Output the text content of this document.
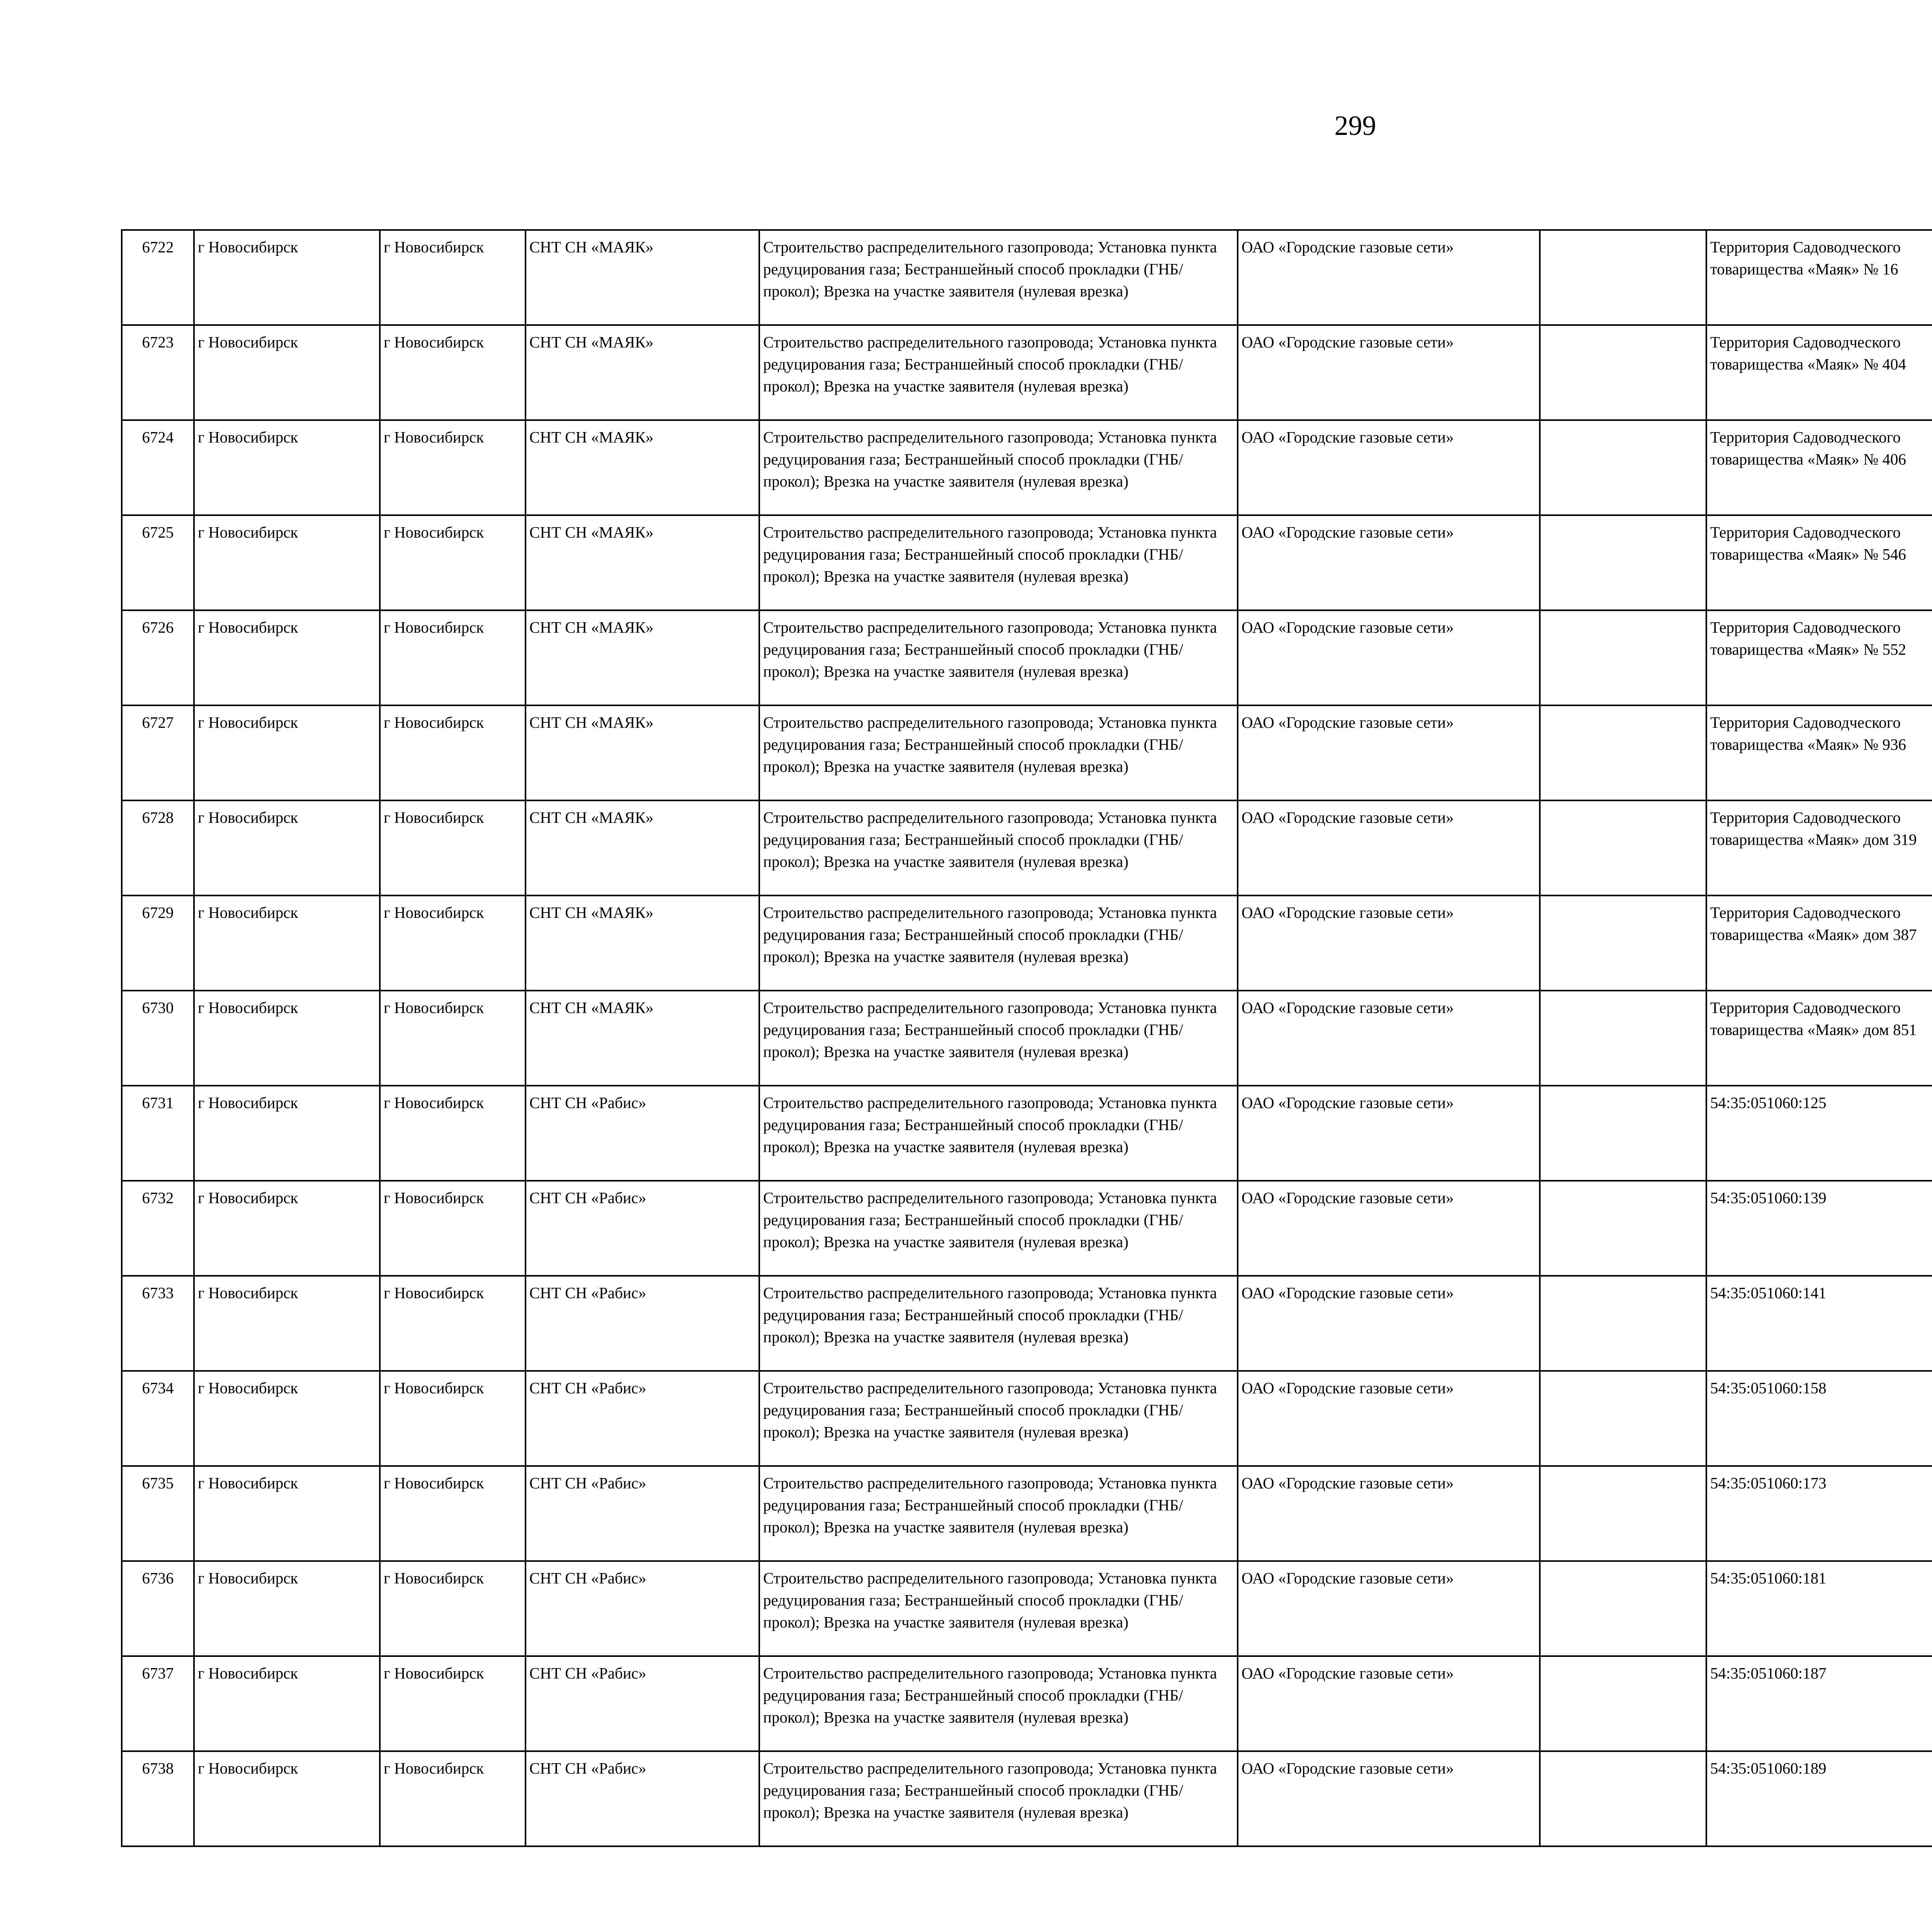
299
6722	г Новосибирск	г Новосибирск	СНТ СН «МАЯК»	Строительство распределительного газопровода; Установка пункта редуцирования газа; Бестраншейный способ прокладки (ГНБ/прокол); Врезка на участке заявителя (нулевая врезка)	ОАО «Городские газовые сети»		Территория Садоводческого товарищества «Маяк» № 16					
6723	г Новосибирск	г Новосибирск	СНТ СН «МАЯК»	Строительство распределительного газопровода; Установка пункта редуцирования газа; Бестраншейный способ прокладки (ГНБ/прокол); Врезка на участке заявителя (нулевая врезка)	ОАО «Городские газовые сети»		Территория Садоводческого товарищества «Маяк» № 404					
6724	г Новосибирск	г Новосибирск	СНТ СН «МАЯК»	Строительство распределительного газопровода; Установка пункта редуцирования газа; Бестраншейный способ прокладки (ГНБ/прокол); Врезка на участке заявителя (нулевая врезка)	ОАО «Городские газовые сети»		Территория Садоводческого товарищества «Маяк» № 406					
6725	г Новосибирск	г Новосибирск	СНТ СН «МАЯК»	Строительство распределительного газопровода; Установка пункта редуцирования газа; Бестраншейный способ прокладки (ГНБ/прокол); Врезка на участке заявителя (нулевая врезка)	ОАО «Городские газовые сети»		Территория Садоводческого товарищества «Маяк» № 546					
6726	г Новосибирск	г Новосибирск	СНТ СН «МАЯК»	Строительство распределительного газопровода; Установка пункта редуцирования газа; Бестраншейный способ прокладки (ГНБ/прокол); Врезка на участке заявителя (нулевая врезка)	ОАО «Городские газовые сети»		Территория Садоводческого товарищества «Маяк» № 552					
6727	г Новосибирск	г Новосибирск	СНТ СН «МАЯК»	Строительство распределительного газопровода; Установка пункта редуцирования газа; Бестраншейный способ прокладки (ГНБ/прокол); Врезка на участке заявителя (нулевая врезка)	ОАО «Городские газовые сети»		Территория Садоводческого товарищества «Маяк» № 936					
6728	г Новосибирск	г Новосибирск	СНТ СН «МАЯК»	Строительство распределительного газопровода; Установка пункта редуцирования газа; Бестраншейный способ прокладки (ГНБ/прокол); Врезка на участке заявителя (нулевая врезка)	ОАО «Городские газовые сети»		Территория Садоводческого товарищества «Маяк» дом 319					
6729	г Новосибирск	г Новосибирск	СНТ СН «МАЯК»	Строительство распределительного газопровода; Установка пункта редуцирования газа; Бестраншейный способ прокладки (ГНБ/прокол); Врезка на участке заявителя (нулевая врезка)	ОАО «Городские газовые сети»		Территория Садоводческого товарищества «Маяк» дом 387					
6730	г Новосибирск	г Новосибирск	СНТ СН «МАЯК»	Строительство распределительного газопровода; Установка пункта редуцирования газа; Бестраншейный способ прокладки (ГНБ/прокол); Врезка на участке заявителя (нулевая врезка)	ОАО «Городские газовые сети»		Территория Садоводческого товарищества «Маяк» дом 851					
6731	г Новосибирск	г Новосибирск	СНТ СН «Рабис»	Строительство распределительного газопровода; Установка пункта редуцирования газа; Бестраншейный способ прокладки (ГНБ/прокол); Врезка на участке заявителя (нулевая врезка)	ОАО «Городские газовые сети»		54:35:051060:125					
6732	г Новосибирск	г Новосибирск	СНТ СН «Рабис»	Строительство распределительного газопровода; Установка пункта редуцирования газа; Бестраншейный способ прокладки (ГНБ/прокол); Врезка на участке заявителя (нулевая врезка)	ОАО «Городские газовые сети»		54:35:051060:139					
6733	г Новосибирск	г Новосибирск	СНТ СН «Рабис»	Строительство распределительного газопровода; Установка пункта редуцирования газа; Бестраншейный способ прокладки (ГНБ/прокол); Врезка на участке заявителя (нулевая врезка)	ОАО «Городские газовые сети»		54:35:051060:141					
6734	г Новосибирск	г Новосибирск	СНТ СН «Рабис»	Строительство распределительного газопровода; Установка пункта редуцирования газа; Бестраншейный способ прокладки (ГНБ/прокол); Врезка на участке заявителя (нулевая врезка)	ОАО «Городские газовые сети»		54:35:051060:158					
6735	г Новосибирск	г Новосибирск	СНТ СН «Рабис»	Строительство распределительного газопровода; Установка пункта редуцирования газа; Бестраншейный способ прокладки (ГНБ/прокол); Врезка на участке заявителя (нулевая врезка)	ОАО «Городские газовые сети»		54:35:051060:173					
6736	г Новосибирск	г Новосибирск	СНТ СН «Рабис»	Строительство распределительного газопровода; Установка пункта редуцирования газа; Бестраншейный способ прокладки (ГНБ/прокол); Врезка на участке заявителя (нулевая врезка)	ОАО «Городские газовые сети»		54:35:051060:181					
6737	г Новосибирск	г Новосибирск	СНТ СН «Рабис»	Строительство распределительного газопровода; Установка пункта редуцирования газа; Бестраншейный способ прокладки (ГНБ/прокол); Врезка на участке заявителя (нулевая врезка)	ОАО «Городские газовые сети»		54:35:051060:187					
6738	г Новосибирск	г Новосибирск	СНТ СН «Рабис»	Строительство распределительного газопровода; Установка пункта редуцирования газа; Бестраншейный способ прокладки (ГНБ/прокол); Врезка на участке заявителя (нулевая врезка)	ОАО «Городские газовые сети»		54:35:051060:189					
